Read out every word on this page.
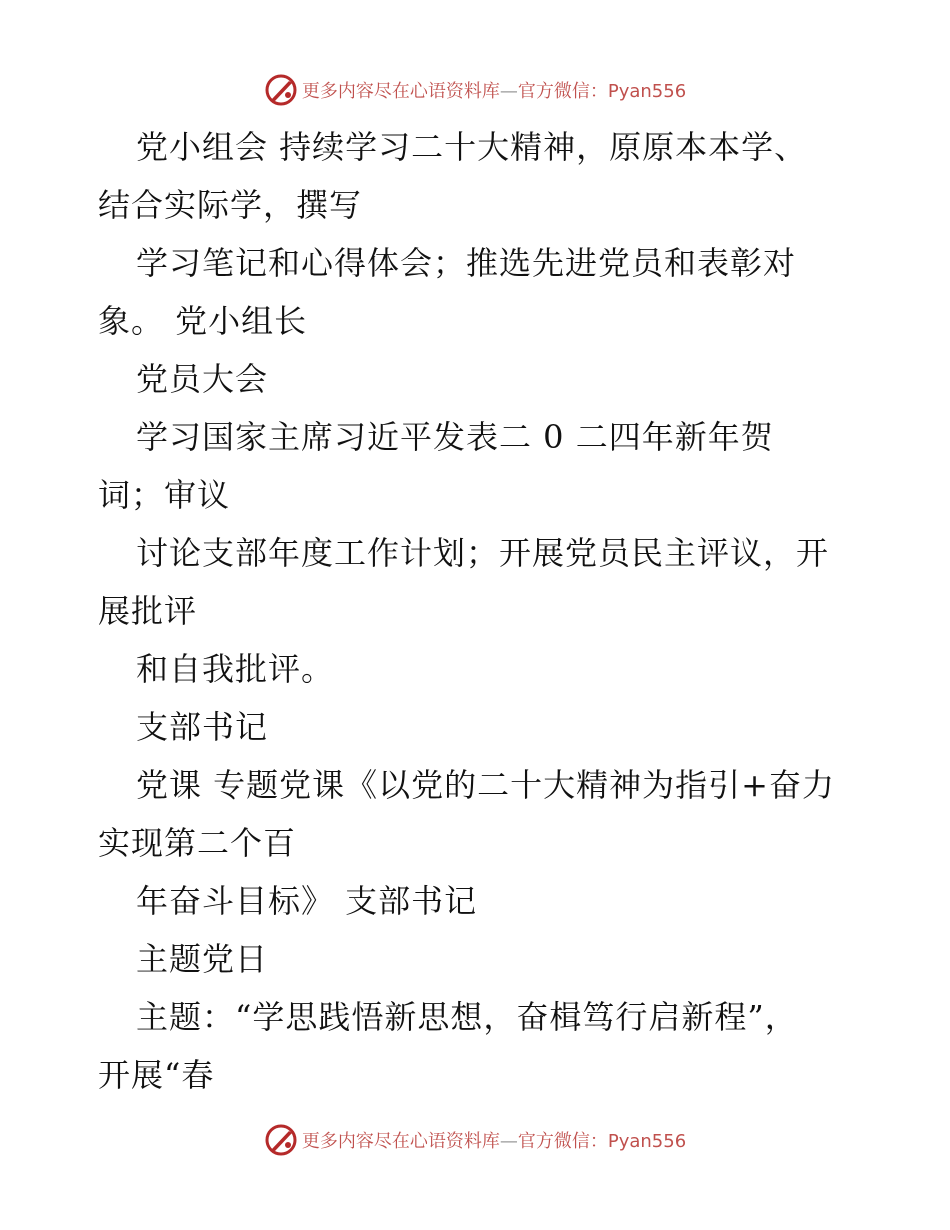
更多内容尽在心语资料库—官方微信：Pyan556
党小组会 持续学习二十大精神，原原本本学、
结合实际学，撰写
学习笔记和心得体会；推选先进党员和表彰对
象。 党小组长
党员大会
学习国家主席习近平发表二 0 二四年新年贺
词；审议
讨论支部年度工作计划；开展党员民主评议，开
展批评
和自我批评。
支部书记
党课 专题党课《以党的二十大精神为指引+奋力
实现第二个百
年奋斗目标》 支部书记
主题党日
主题：“学思践悟新思想，奋楫笃行启新程”，
开展“春
更多内容尽在心语资料库—官方微信：Pyan556
